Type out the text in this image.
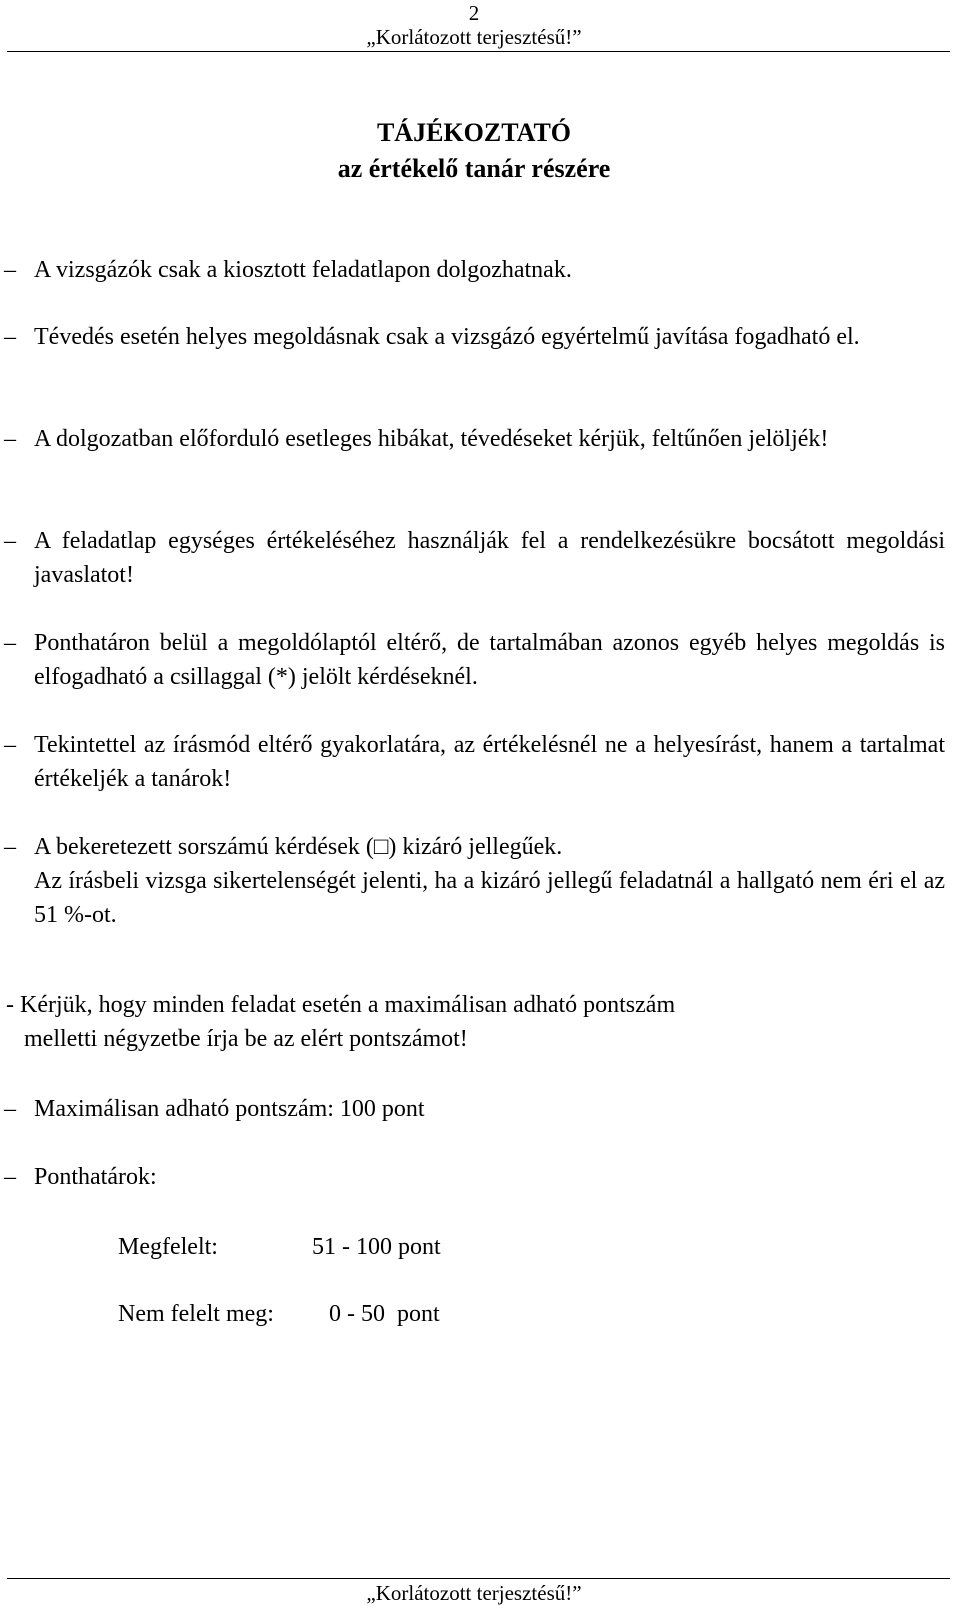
2
„Korlátozott terjesztésű!”
TÁJÉKOZTATÓ
az értékelő tanár részére
– A vizsgázók csak a kiosztott feladatlapon dolgozhatnak.

– Tévedés esetén helyes megoldásnak csak a vizsgázó egyértelmű javítása fogadható el.

– A dolgozatban előforduló esetleges hibákat, tévedéseket kérjük, feltűnően jelöljék!

– A feladatlap egységes értékeléséhez használják fel a rendelkezésükre bocsátott megoldási javaslatot!

– Ponthatáron belül a megoldólaptól eltérő, de tartalmában azonos egyéb helyes megoldás is elfogadható a csillaggal (*) jelölt kérdéseknél.

– Tekintettel az írásmód eltérő gyakorlatára, az értékelésnél ne a helyesírást, hanem a tartalmat értékeljék a tanárok!

– A bekeretezett sorszámú kérdések (□) kizáró jellegűek.

Az írásbeli vizsga sikertelenségét jelenti, ha a kizáró jellegű feladatnál a hallgató nem éri el az 51 %-ot.

- Kérjük, hogy minden feladat esetén a maximálisan adható pontszám
melletti négyzetbe írja be az elért pontszámot!
– Maximálisan adható pontszám: 100 pont

– Ponthatárok:

Megfelelt:	51 - 100 pont
Nem felelt meg: 0 - 50  pont
„Korlátozott terjesztésű!”
